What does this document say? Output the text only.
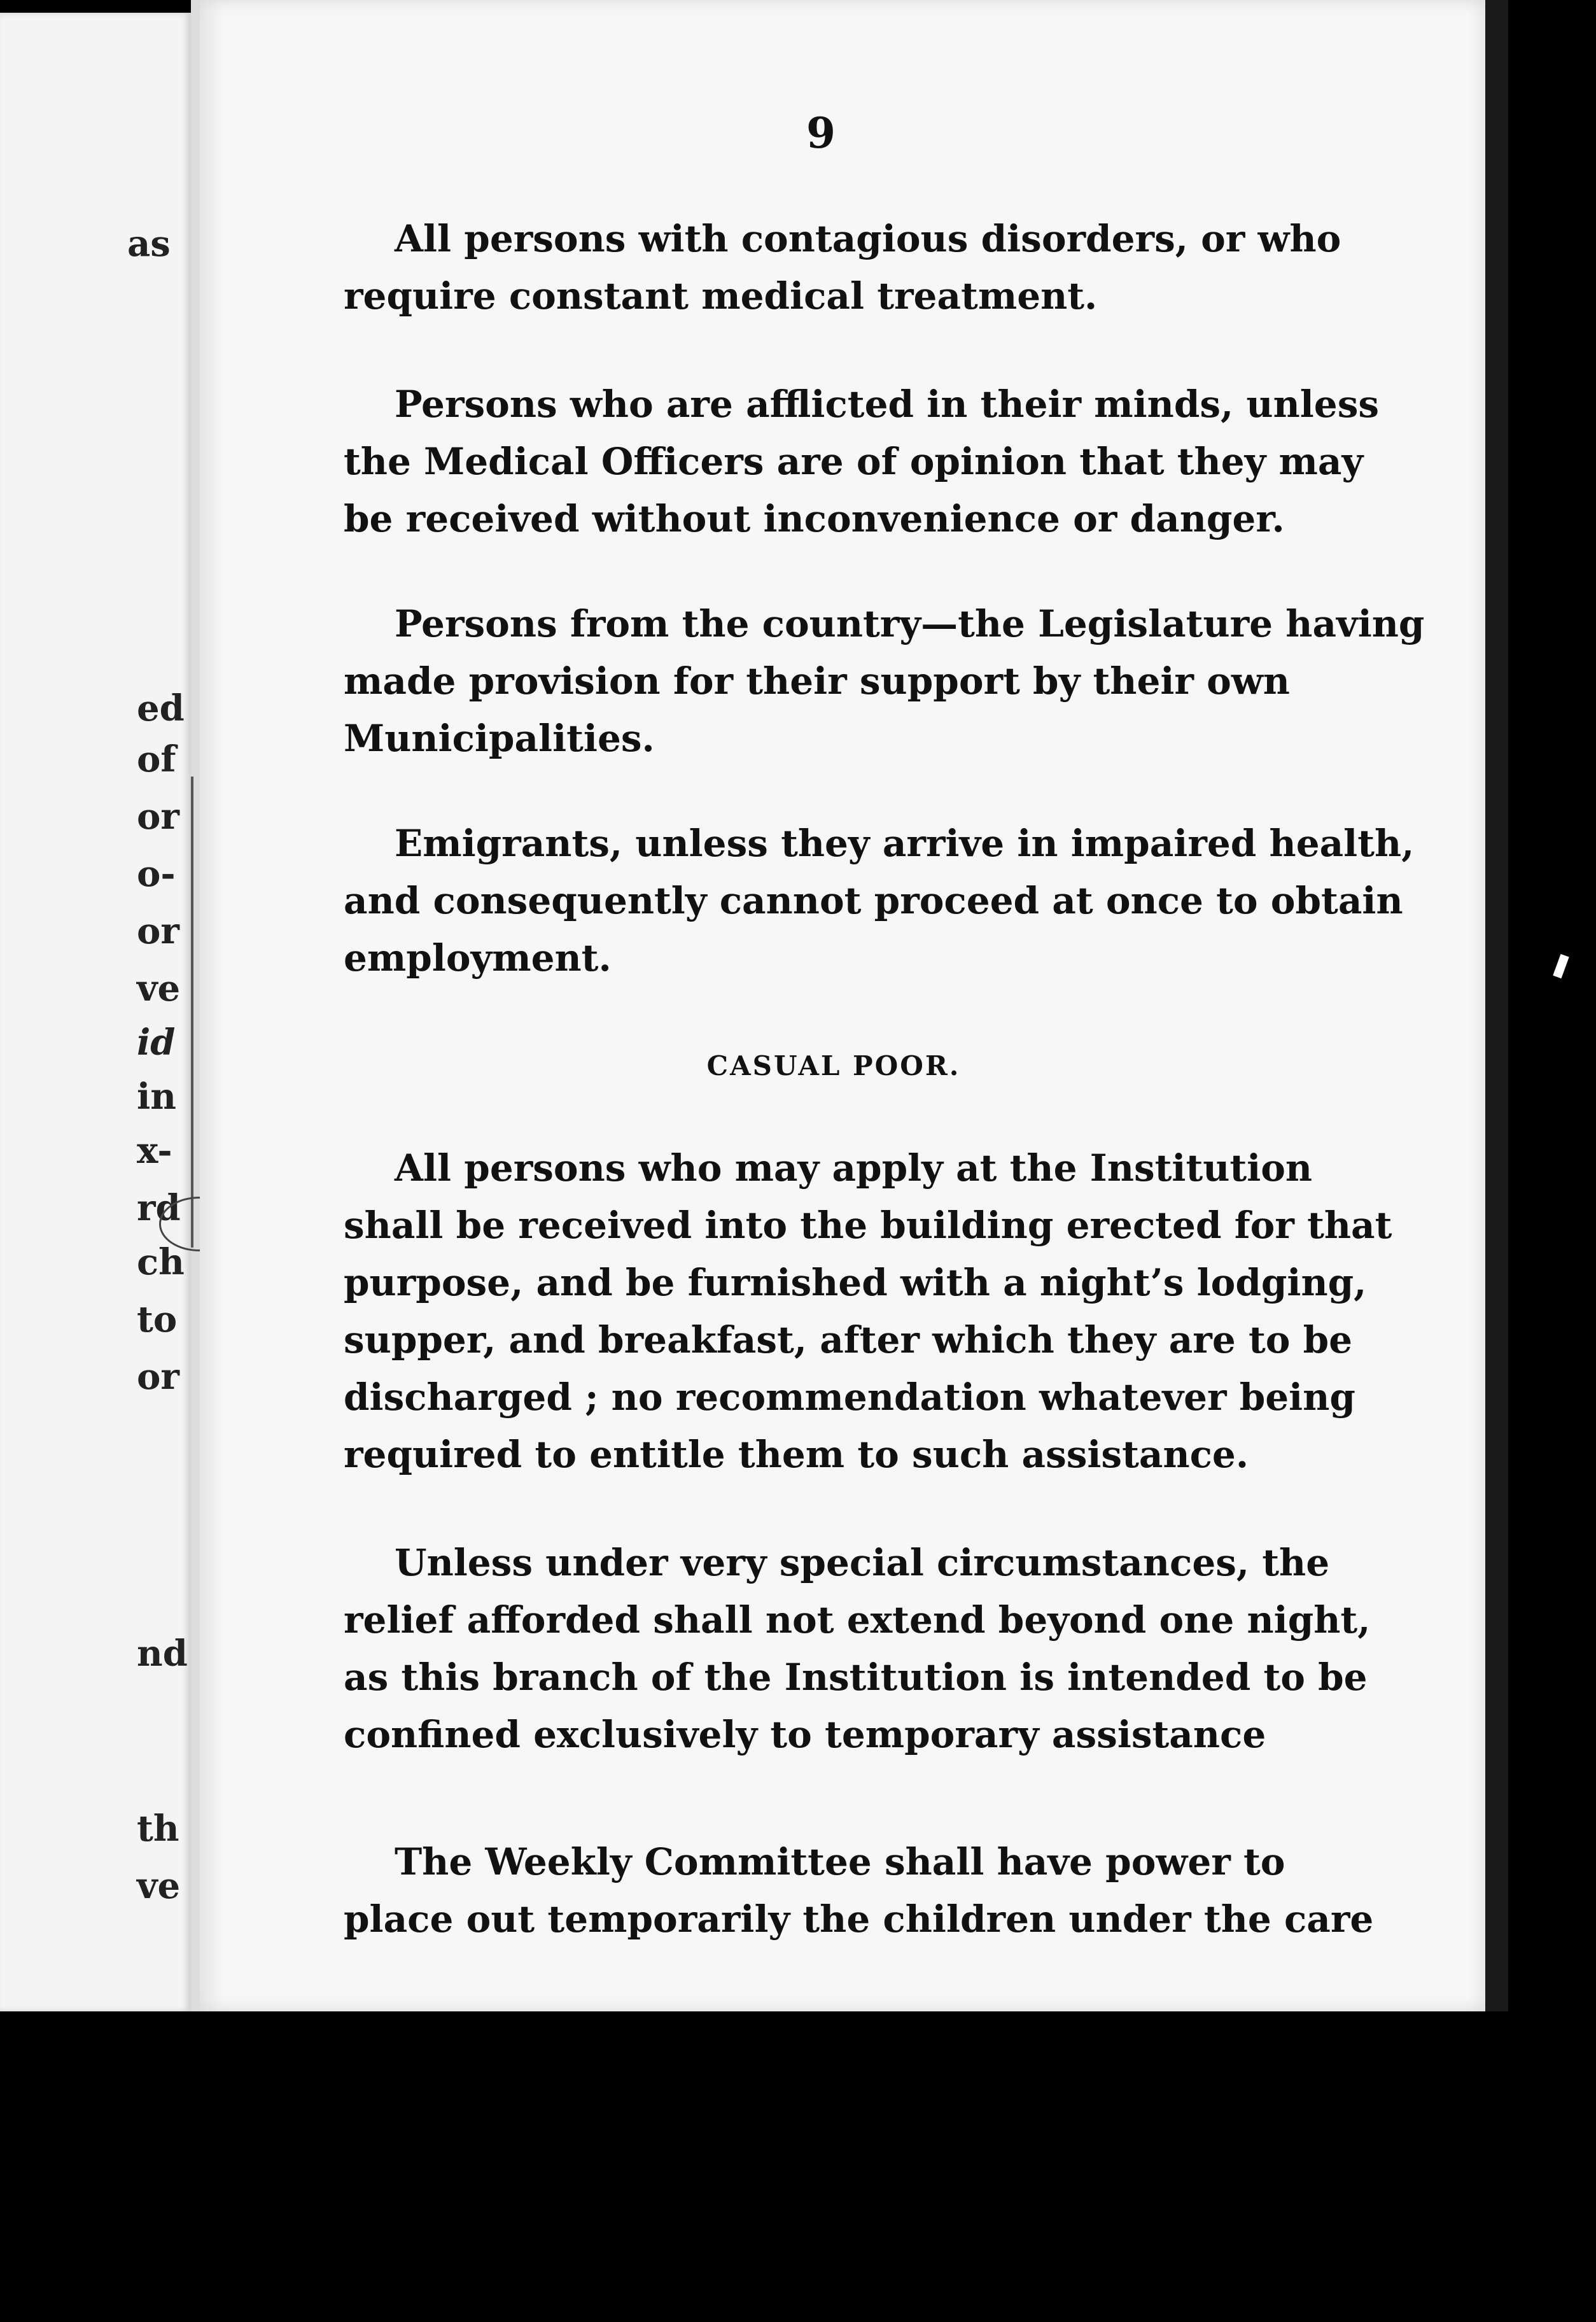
as
ed
of
or
o-
or
ve
id
in
x-
rd
ch
to
or
nd
th
ve
9
All persons with contagious disorders, or who
require constant medical treatment.
Persons who are afflicted in their minds, unless
the Medical Officers are of opinion that they may
be received without inconvenience or danger.
Persons from the country—the Legislature having
made provision for their support by their own
Municipalities.
Emigrants, unless they arrive in impaired health,
and consequently cannot proceed at once to obtain
employment.
CASUAL POOR.
All persons who may apply at the Institution
shall be received into the building erected for that
purpose, and be furnished with a night’s lodging,
supper, and breakfast, after which they are to be
discharged ; no recommendation whatever being
required to entitle them to such assistance.
Unless under very special circumstances, the
relief afforded shall not extend beyond one night,
as this branch of the Institution is intended to be
confined exclusively to temporary assistance
The Weekly Committee shall have power to
place out temporarily the children under the care
